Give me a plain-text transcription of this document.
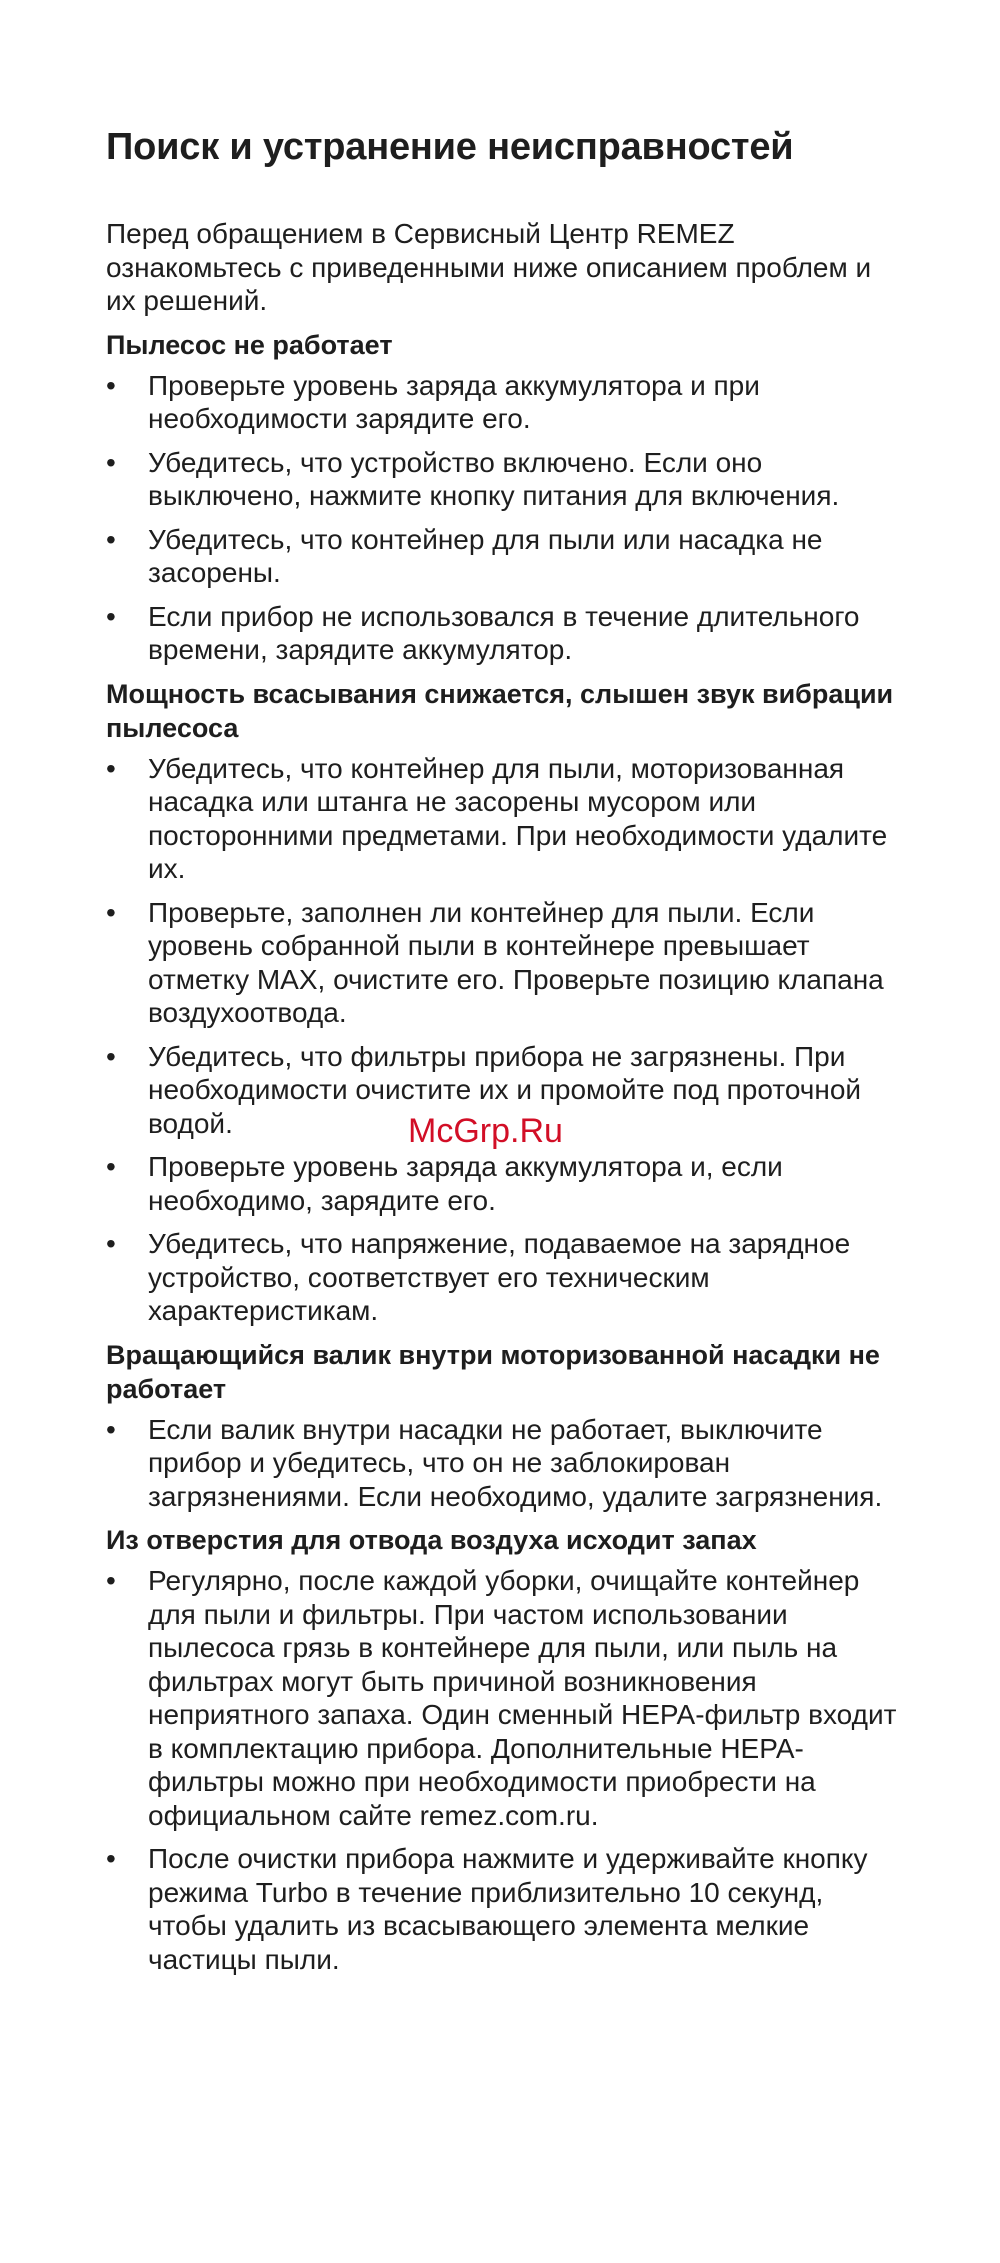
Поиск и устранение неисправностей

Перед обращением в Сервисный Центр REMEZ ознакомьтесь с приведенными ниже описанием проблем и их решений.

Пылесос не работает
• Проверьте уровень заряда аккумулятора и при необходимости зарядите его.
• Убедитесь, что устройство включено. Если оно выключено, нажмите кнопку питания для включения.
• Убедитесь, что контейнер для пыли или насадка не засорены.
• Если прибор не использовался в течение длительного времени, зарядите аккумулятор.
Мощность всасывания снижается, слышен звук вибрации пылесоса
• Убедитесь, что контейнер для пыли, моторизованная насадка или штанга не засорены мусором или посторонними предметами. При необходимости удалите их.
• Проверьте, заполнен ли контейнер для пыли. Если уровень собранной пыли в контейнере превышает отметку MAX, очистите его. Проверьте позицию клапана воздухоотвода.
• Убедитесь, что фильтры прибора не загрязнены. При необходимости очистите их и промойте под проточной водой.
• Проверьте уровень заряда аккумулятора и, если необходимо, зарядите его.
• Убедитесь, что напряжение, подаваемое на зарядное устройство, соответствует его техническим характеристикам.
Вращающийся валик внутри моторизованной насадки не работает
• Если валик внутри насадки не работает, выключите прибор и убедитесь, что он не заблокирован загрязнениями. Если необходимо, удалите загрязнения.
Из отверстия для отвода воздуха исходит запах
• Регулярно, после каждой уборки, очищайте контейнер для пыли и фильтры. При частом использовании пылесоса грязь в контейнере для пыли, или пыль на фильтрах могут быть причиной возникновения неприятного запаха. Один сменный HEPA-фильтр входит в комплектацию прибора. Дополнительные HEPA-фильтры можно при необходимости приобрести на официальном сайте remez.com.ru.
• После очистки прибора нажмите и удерживайте кнопку режима Turbo в течение приблизительно 10 секунд, чтобы удалить из всасывающего элемента мелкие частицы пыли.
McGrp.Ru
